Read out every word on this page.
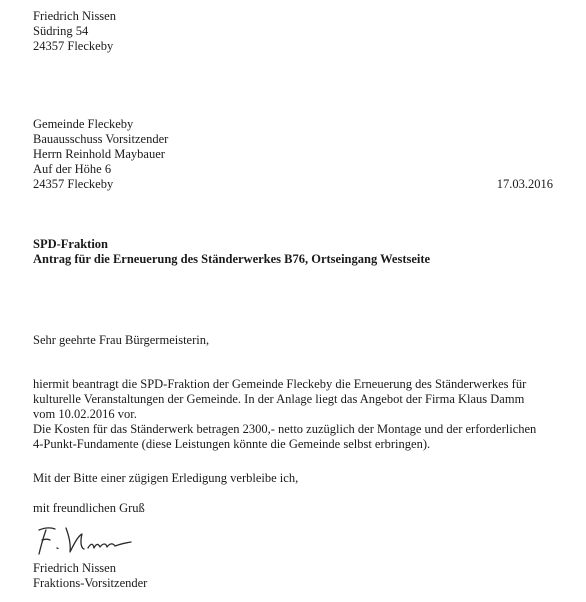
Friedrich Nissen
Südring 54
24357 Fleckeby
Gemeinde Fleckeby
Bauausschuss Vorsitzender
Herrn Reinhold Maybauer
Auf der Höhe 6
24357 Fleckeby	17.03.2016
SPD-Fraktion
Antrag für die Erneuerung des Ständerwerkes B76, Ortseingang Westseite
Sehr geehrte Frau Bürgermeisterin,
hiermit beantragt die SPD-Fraktion der Gemeinde Fleckeby die Erneuerung des Ständerwerkes für
kulturelle Veranstaltungen der Gemeinde. In der Anlage liegt das Angebot der Firma Klaus Damm
vom 10.02.2016 vor.
Die Kosten für das Ständerwerk betragen 2300,- netto zuzüglich der Montage und der erforderlichen
4-Punkt-Fundamente (diese Leistungen könnte die Gemeinde selbst erbringen).
Mit der Bitte einer zügigen Erledigung verbleibe ich,
mit freundlichen Gruß
Friedrich Nissen
Fraktions-Vorsitzender
